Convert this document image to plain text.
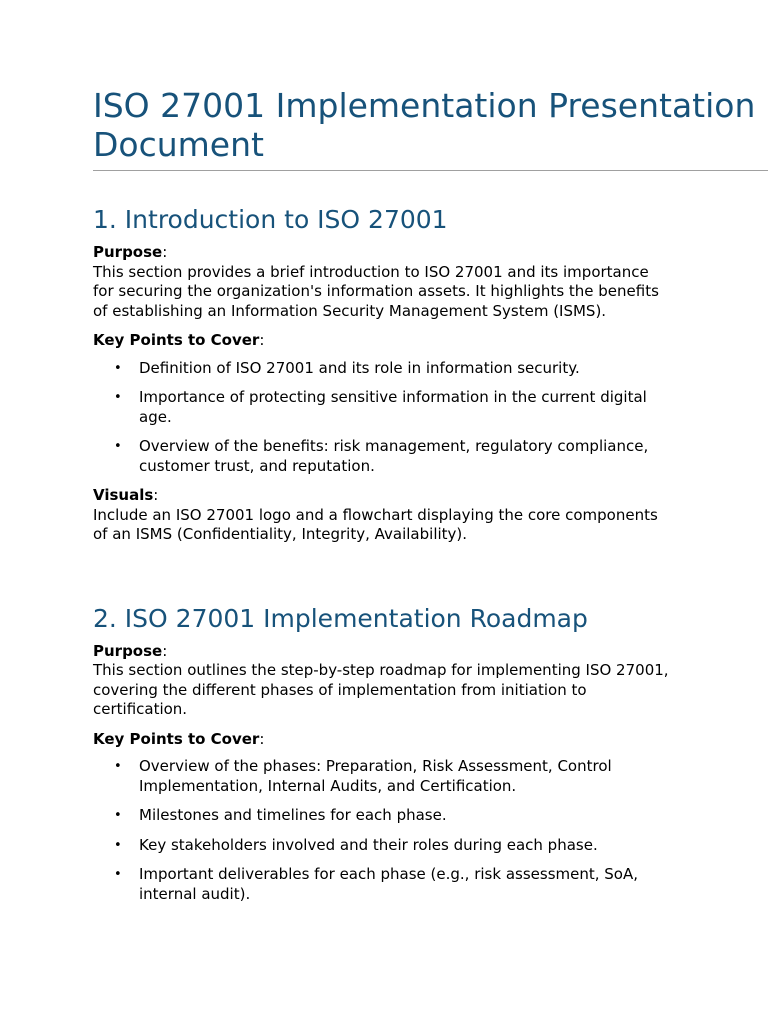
ISO 27001 Implementation Presentation Document
1. Introduction to ISO 27001

Purpose:

This section provides a brief introduction to ISO 27001 and its importance for securing the organization's information assets. It highlights the benefits of establishing an Information Security Management System (ISMS).

Key Points to Cover:

• Definition of ISO 27001 and its role in information security.
• Importance of protecting sensitive information in the current digital age.
• Overview of the benefits: risk management, regulatory compliance, customer trust, and reputation.

Visuals:

Include an ISO 27001 logo and a flowchart displaying the core components of an ISMS (Confidentiality, Integrity, Availability).

2. ISO 27001 Implementation Roadmap

Purpose:

This section outlines the step-by-step roadmap for implementing ISO 27001, covering the different phases of implementation from initiation to certification.

Key Points to Cover:

• Overview of the phases: Preparation, Risk Assessment, Control Implementation, Internal Audits, and Certification.
• Milestones and timelines for each phase.
• Key stakeholders involved and their roles during each phase.
• Important deliverables for each phase (e.g., risk assessment, SoA, internal audit).
